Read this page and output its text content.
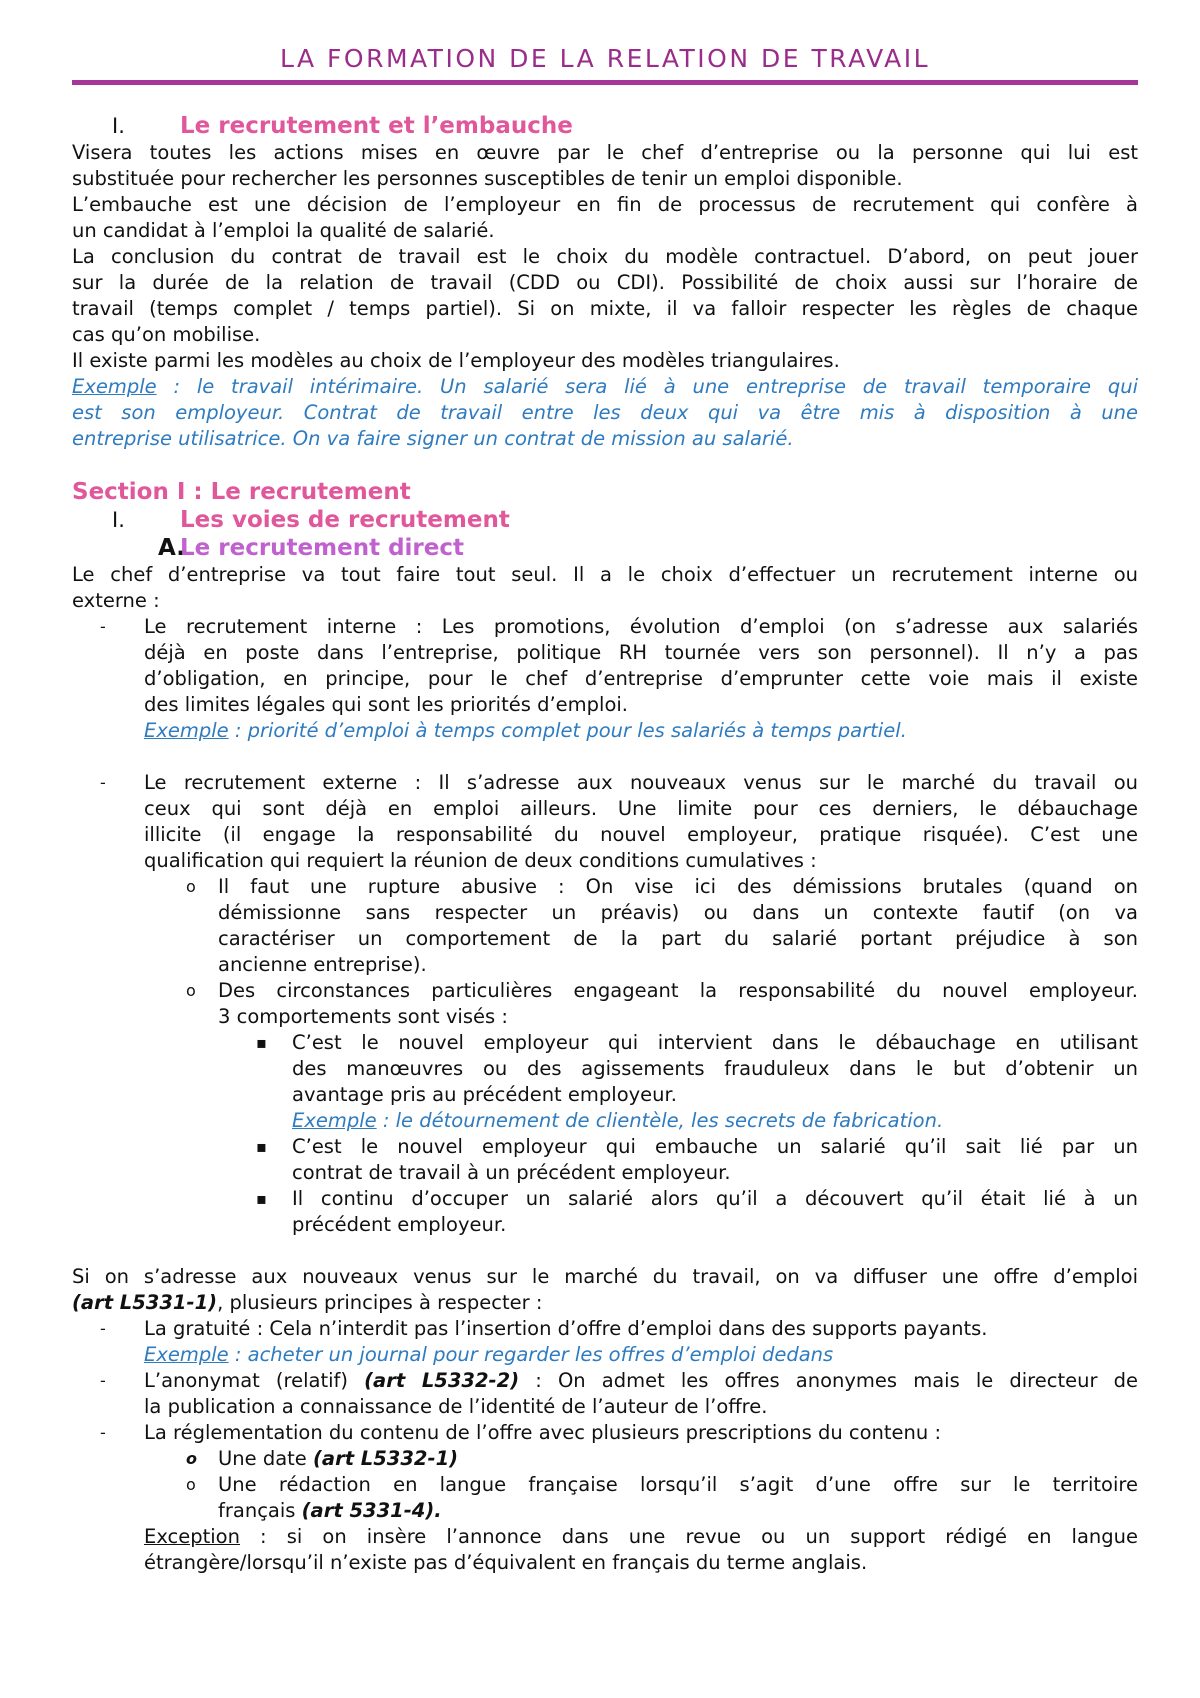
LA FORMATION DE LA RELATION DE TRAVAIL
I. Le recrutement et l’embauche
Visera toutes les actions mises en œuvre par le chef d’entreprise ou la personne qui lui est
substituée pour rechercher les personnes susceptibles de tenir un emploi disponible.
L’embauche est une décision de l’employeur en fin de processus de recrutement qui confère à
un candidat à l’emploi la qualité de salarié.
La conclusion du contrat de travail est le choix du modèle contractuel. D’abord, on peut jouer
sur la durée de la relation de travail (CDD ou CDI). Possibilité de choix aussi sur l’horaire de
travail (temps complet / temps partiel). Si on mixte, il va falloir respecter les règles de chaque
cas qu’on mobilise.
Il existe parmi les modèles au choix de l’employeur des modèles triangulaires.
Exemple : le travail intérimaire. Un salarié sera lié à une entreprise de travail temporaire qui
est son employeur. Contrat de travail entre les deux qui va être mis à disposition à une
entreprise utilisatrice. On va faire signer un contrat de mission au salarié.
Section I : Le recrutement
I. Les voies de recrutement
A.Le recrutement direct
Le chef d’entreprise va tout faire tout seul. Il a le choix d’effectuer un recrutement interne ou
externe :
- Le recrutement interne : Les promotions, évolution d’emploi (on s’adresse aux salariés
déjà en poste dans l’entreprise, politique RH tournée vers son personnel). Il n’y a pas
d’obligation, en principe, pour le chef d’entreprise d’emprunter cette voie mais il existe
des limites légales qui sont les priorités d’emploi.
Exemple : priorité d’emploi à temps complet pour les salariés à temps partiel.
- Le recrutement externe : Il s’adresse aux nouveaux venus sur le marché du travail ou
ceux qui sont déjà en emploi ailleurs. Une limite pour ces derniers, le débauchage
illicite (il engage la responsabilité du nouvel employeur, pratique risquée). C’est une
qualification qui requiert la réunion de deux conditions cumulatives :
o Il faut une rupture abusive : On vise ici des démissions brutales (quand on
démissionne sans respecter un préavis) ou dans un contexte fautif (on va
caractériser un comportement de la part du salarié portant préjudice à son
ancienne entreprise).
o Des circonstances particulières engageant la responsabilité du nouvel employeur.
3 comportements sont visés :
▪ C’est le nouvel employeur qui intervient dans le débauchage en utilisant
des manœuvres ou des agissements frauduleux dans le but d’obtenir un
avantage pris au précédent employeur.
Exemple : le détournement de clientèle, les secrets de fabrication.
▪ C’est le nouvel employeur qui embauche un salarié qu’il sait lié par un
contrat de travail à un précédent employeur.
▪ Il continu d’occuper un salarié alors qu’il a découvert qu’il était lié à un
précédent employeur.
Si on s’adresse aux nouveaux venus sur le marché du travail, on va diffuser une offre d’emploi
(art L5331-1), plusieurs principes à respecter :
- La gratuité : Cela n’interdit pas l’insertion d’offre d’emploi dans des supports payants.
Exemple : acheter un journal pour regarder les offres d’emploi dedans
- L’anonymat (relatif) (art L5332-2) : On admet les offres anonymes mais le directeur de
la publication a connaissance de l’identité de l’auteur de l’offre.
- La réglementation du contenu de l’offre avec plusieurs prescriptions du contenu :
o Une date (art L5332-1)
o Une rédaction en langue française lorsqu’il s’agit d’une offre sur le territoire
français (art 5331-4).
Exception : si on insère l’annonce dans une revue ou un support rédigé en langue
étrangère/lorsqu’il n’existe pas d’équivalent en français du terme anglais.
